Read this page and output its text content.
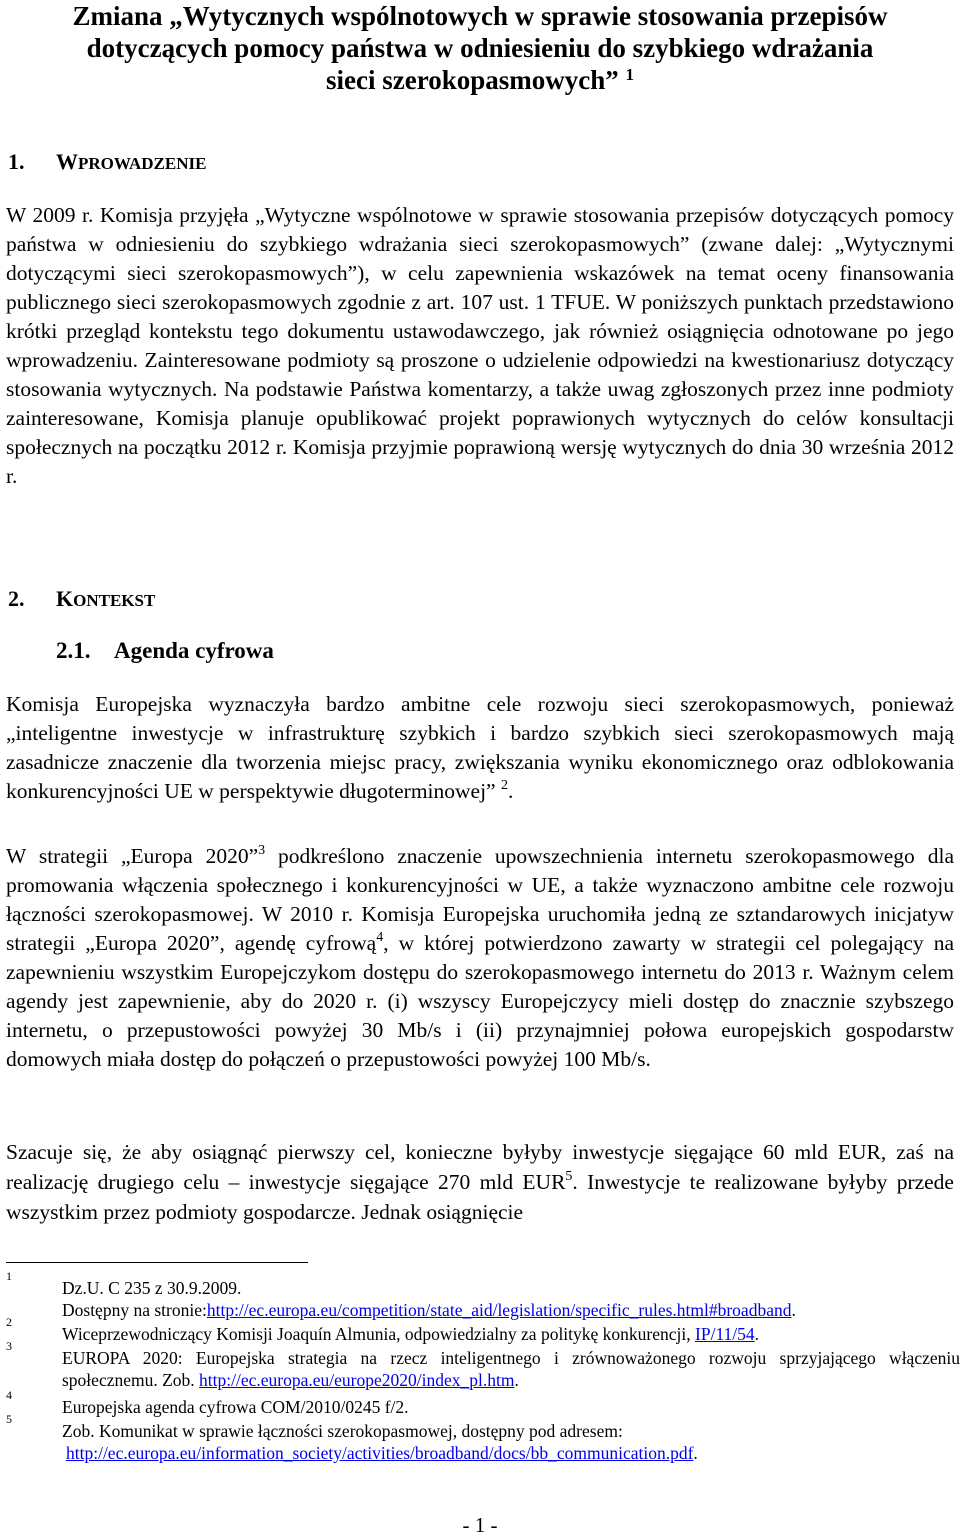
Zmiana „Wytycznych wspólnotowych w sprawie stosowania przepisów
dotyczących pomocy państwa w odniesieniu do szybkiego wdrażania
sieci szerokopasmowych” $^1$
1. WPROWADZENIE
W 2009 r. Komisja przyjęła „Wytyczne wspólnotowe w sprawie stosowania przepisów dotyczących pomocy państwa w odniesieniu do szybkiego wdrażania sieci szerokopasmowych” (zwane dalej: „Wytycznymi dotyczącymi sieci szerokopasmowych”), w celu zapewnienia wskazówek na temat oceny finansowania publicznego sieci szerokopasmowych zgodnie z art. 107 ust. 1 TFUE. W poniższych punktach przedstawiono krótki przegląd kontekstu tego dokumentu ustawodawczego, jak również osiągnięcia odnotowane po jego wprowadzeniu. Zainteresowane podmioty są proszone o udzielenie odpowiedzi na kwestionariusz dotyczący stosowania wytycznych. Na podstawie Państwa komentarzy, a także uwag zgłoszonych przez inne podmioty zainteresowane, Komisja planuje opublikować projekt poprawionych wytycznych do celów konsultacji społecznych na początku 2012 r. Komisja przyjmie poprawioną wersję wytycznych do dnia 30 września 2012 r.
2. KONTEKST
2.1. Agenda cyfrowa
Komisja Europejska wyznaczyła bardzo ambitne cele rozwoju sieci szerokopasmowych, ponieważ „inteligentne inwestycje w infrastrukturę szybkich i bardzo szybkich sieci szerokopasmowych mają zasadnicze znaczenie dla tworzenia miejsc pracy, zwiększania wyniku ekonomicznego oraz odblokowania konkurencyjności UE w perspektywie długoterminowej” $^2$.
W strategii „Europa 2020”$^3$ podkreślono znaczenie upowszechnienia internetu szerokopasmowego dla promowania włączenia społecznego i konkurencyjności w UE, a także wyznaczono ambitne cele rozwoju łączności szerokopasmowej. W 2010 r. Komisja Europejska uruchomiła jedną ze sztandarowych inicjatyw strategii „Europa 2020”, agendę cyfrową$^4$, w której potwierdzono zawarty w strategii cel polegający na zapewnieniu wszystkim Europejczykom dostępu do szerokopasmowego internetu do 2013 r. Ważnym celem agendy jest zapewnienie, aby do 2020 r. (i) wszyscy Europejczycy mieli dostęp do znacznie szybszego internetu, o przepustowości powyżej 30 Mb/s i (ii) przynajmniej połowa europejskich gospodarstw domowych miała dostęp do połączeń o przepustowości powyżej 100 Mb/s.
Szacuje się, że aby osiągnąć pierwszy cel, konieczne byłyby inwestycje sięgające 60 mld EUR, zaś na realizację drugiego celu – inwestycje sięgające 270 mld EUR$^5$. Inwestycje te realizowane byłyby przede wszystkim przez podmioty gospodarcze. Jednak osiągnięcie
1
Dz.U. C 235 z 30.9.2009.
Dostępny na stronie:http://ec.europa.eu/competition/state_aid/legislation/specific_rules.html#broadband.
2
Wiceprzewodniczący Komisji Joaquín Almunia, odpowiedzialny za politykę konkurencji, IP/11/54.
3
EUROPA 2020: Europejska strategia na rzecz inteligentnego i zrównoważonego rozwoju sprzyjającego włączeniu społecznemu. Zob. http://ec.europa.eu/europe2020/index_pl.htm.
4
Europejska agenda cyfrowa COM/2010/0245 f/2.
5
Zob. Komunikat w sprawie łączności szerokopasmowej, dostępny pod adresem:
http://ec.europa.eu/information_society/activities/broadband/docs/bb_communication.pdf.
- 1 -
